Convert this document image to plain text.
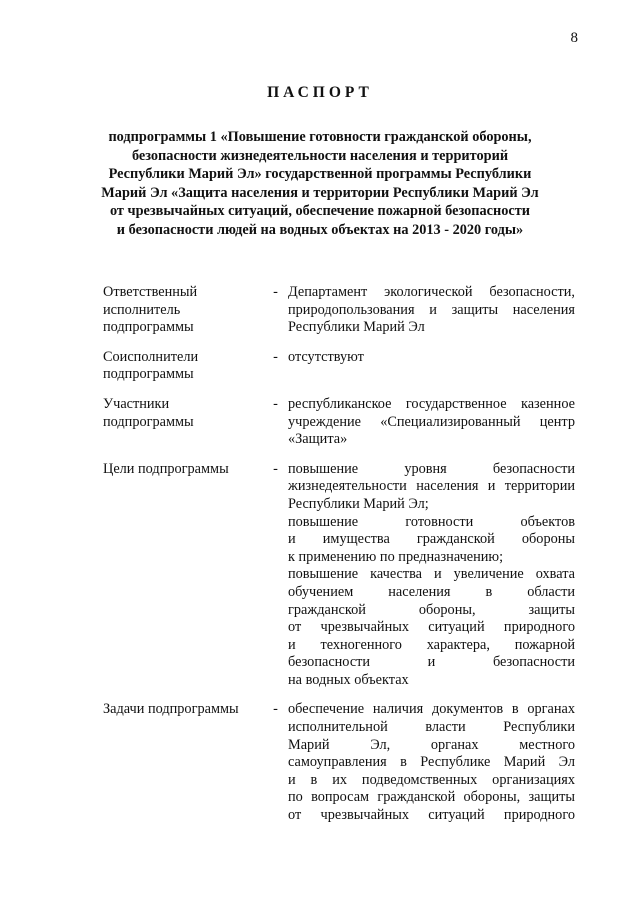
8
ПАСПОРТ
подпрограммы 1 «Повышение готовности гражданской обороны,
безопасности жизнедеятельности населения и территорий
Республики Марий Эл» государственной программы Республики
Марий Эл «Защита населения и территории Республики Марий Эл
от чрезвычайных ситуаций, обеспечение пожарной безопасности
и безопасности людей на водных объектах на 2013 - 2020 годы»
Ответственный
исполнитель
подпрограммы
- Департамент экологической безопасности,
природопользования и защиты населения
Республики Марий Эл
Соисполнители
подпрограммы
- отсутствуют
Участники
подпрограммы
- республиканское государственное казенное
учреждение «Специализированный центр
«Защита»
Цели подпрограммы	- повышение уровня безопасности
жизнедеятельности населения и территории
Республики Марий Эл;
повышение готовности объектов
и имущества гражданской обороны
к применению по предназначению;
повышение качества и увеличение охвата
обучением населения в области
гражданской обороны, защиты
от чрезвычайных ситуаций природного
и техногенного характера, пожарной
безопасности и безопасности
на водных объектах
Задачи подпрограммы	- обеспечение наличия документов в органах
исполнительной власти Республики
Марий Эл, органах местного
самоуправления в Республике Марий Эл
и в их подведомственных организациях
по вопросам гражданской обороны, защиты
от чрезвычайных ситуаций природного
